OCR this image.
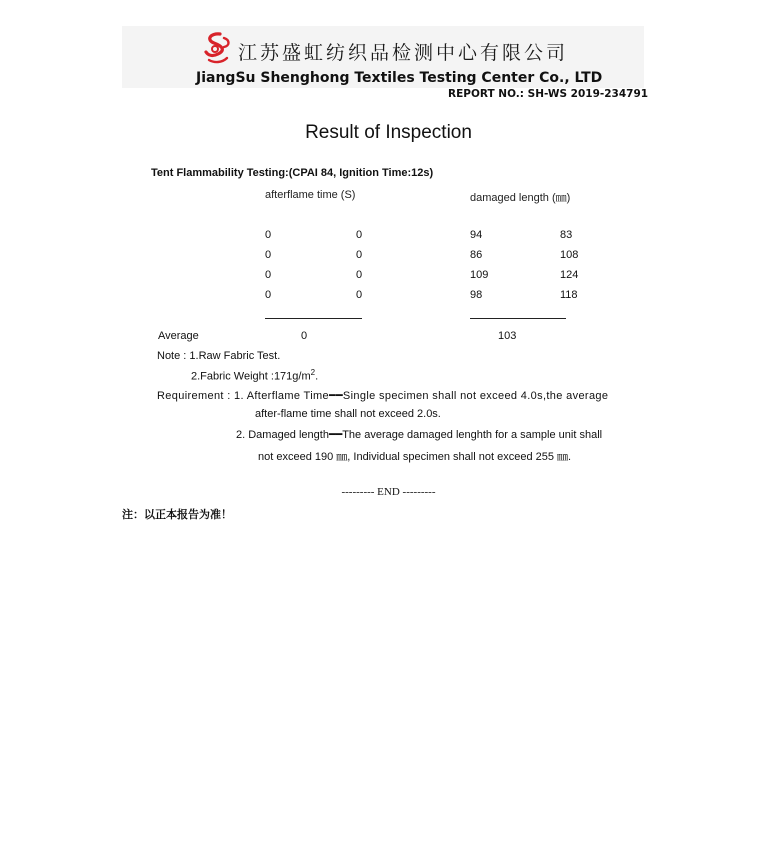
江苏盛虹纺织品检测中心有限公司
JiangSu Shenghong Textiles Testing Center Co., LTD
REPORT NO.: SH-WS 2019-234791
Result of Inspection
Tent Flammability Testing:(CPAI 84, Ignition Time:12s)
afterflame time (S)	damaged length (㎜)
0	0	94	83
0	0	86	108
0	0	109	124
0	0	98	118
Average	0	103
Note : 1.Raw Fabric Test.
2.Fabric Weight $:171g/m^2$.
Requirement : 1. Afterflame Time━━Single specimen shall not exceed 4.0s,the average
after-flame time shall not exceed 2.0s.
2. Damaged length━━The average damaged lenghth for a sample unit shall
not exceed 190 ㎜, Individual specimen shall not exceed 255 ㎜.
--------- END ---------
注：以正本报告为准！
